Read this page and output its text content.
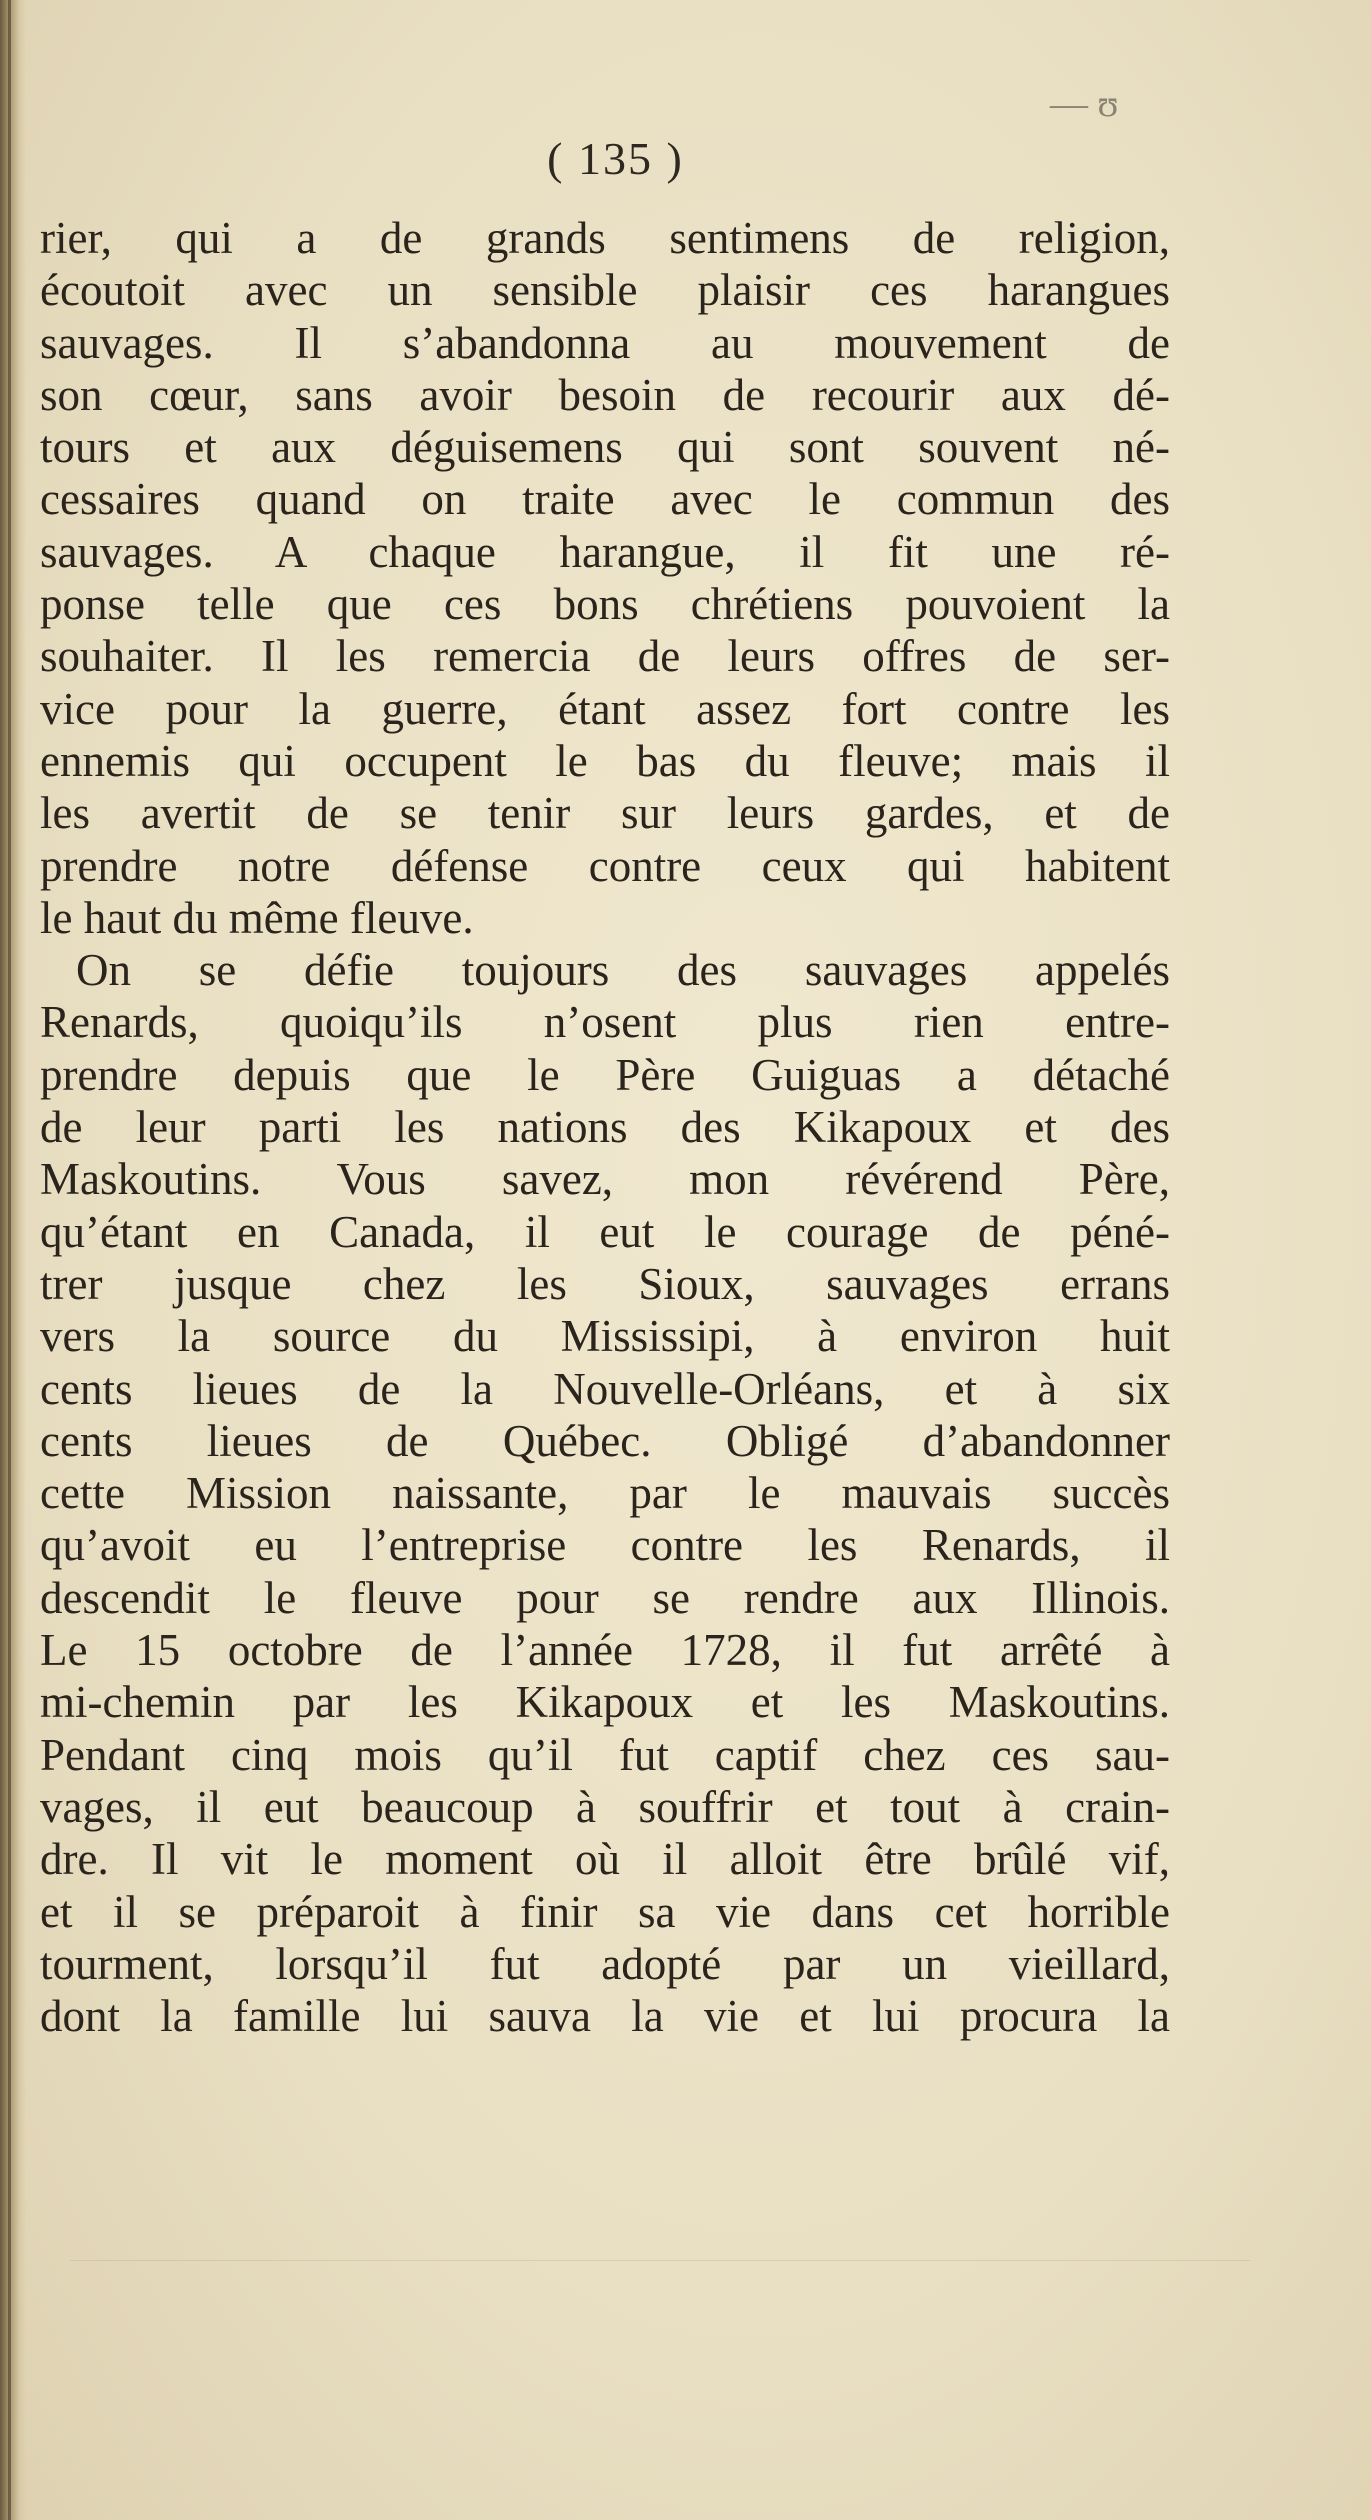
— ʊ
( 135 )
rier, qui a de grands sentimens de religion,
écoutoit avec un sensible plaisir ces harangues
sauvages. Il s’abandonna au mouvement de
son cœur, sans avoir besoin de recourir aux dé-
tours et aux déguisemens qui sont souvent né-
cessaires quand on traite avec le commun des
sauvages. A chaque harangue, il fit une ré-
ponse telle que ces bons chrétiens pouvoient la
souhaiter. Il les remercia de leurs offres de ser-
vice pour la guerre, étant assez fort contre les
ennemis qui occupent le bas du fleuve; mais il
les avertit de se tenir sur leurs gardes, et de
prendre notre défense contre ceux qui habitent
le haut du même fleuve.
On se défie toujours des sauvages appelés
Renards, quoiqu’ils n’osent plus rien entre-
prendre depuis que le Père Guiguas a détaché
de leur parti les nations des Kikapoux et des
Maskoutins. Vous savez, mon révérend Père,
qu’étant en Canada, il eut le courage de péné-
trer jusque chez les Sioux, sauvages errans
vers la source du Mississipi, à environ huit
cents lieues de la Nouvelle-Orléans, et à six
cents lieues de Québec. Obligé d’abandonner
cette Mission naissante, par le mauvais succès
qu’avoit eu l’entreprise contre les Renards, il
descendit le fleuve pour se rendre aux Illinois.
Le 15 octobre de l’année 1728, il fut arrêté à
mi-chemin par les Kikapoux et les Maskoutins.
Pendant cinq mois qu’il fut captif chez ces sau-
vages, il eut beaucoup à souffrir et tout à crain-
dre. Il vit le moment où il alloit être brûlé vif,
et il se préparoit à finir sa vie dans cet horrible
tourment, lorsqu’il fut adopté par un vieillard,
dont la famille lui sauva la vie et lui procura la
